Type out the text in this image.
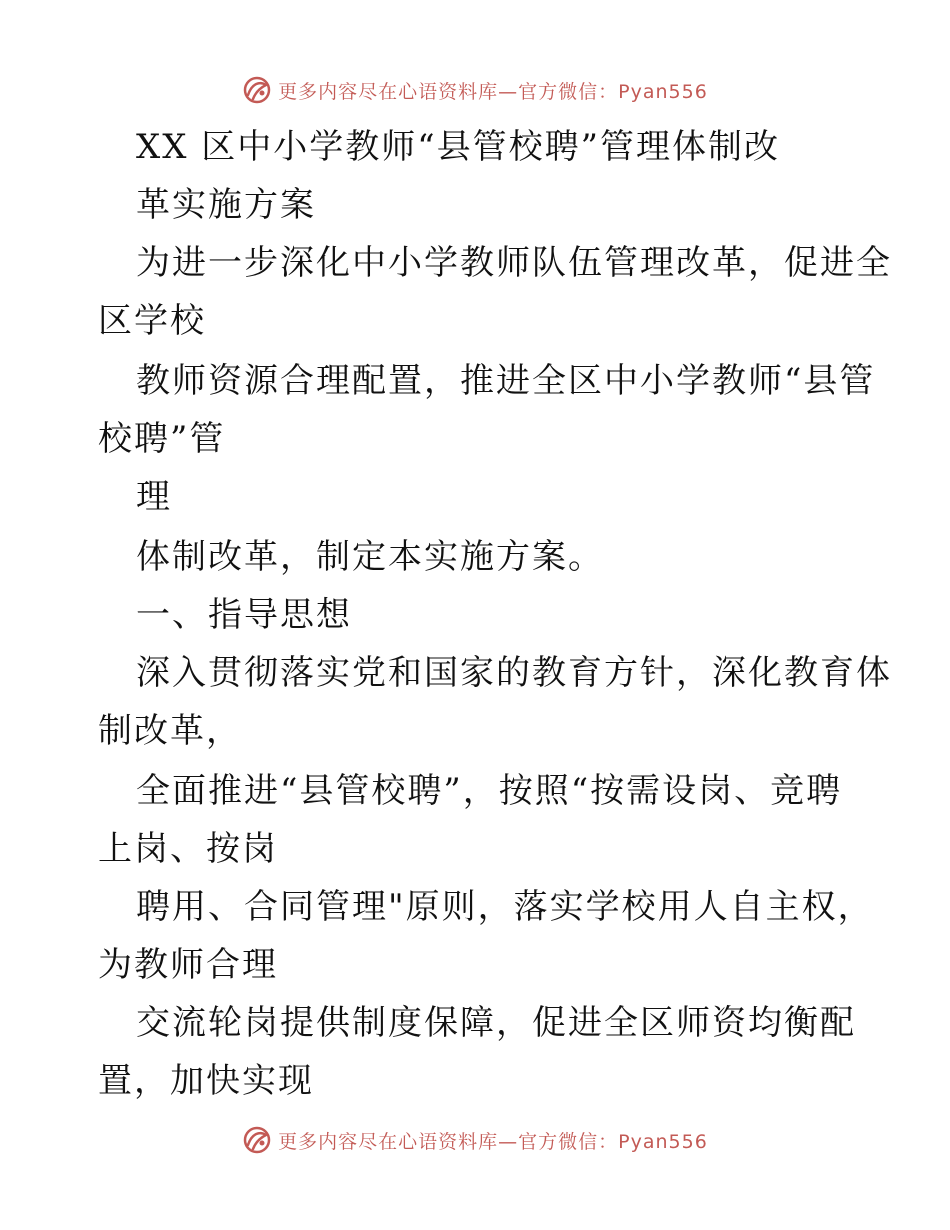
更多内容尽在心语资料库—官方微信：Pyan556
XX 区中小学教师“县管校聘”管理体制改
革实施方案
为进一步深化中小学教师队伍管理改革，促进全
区学校
教师资源合理配置，推进全区中小学教师“县管
校聘”管
理
体制改革，制定本实施方案。
一、指导思想
深入贯彻落实党和国家的教育方针，深化教育体
制改革，
全面推进“县管校聘”，按照“按需设岗、竞聘
上岗、按岗
聘用、合同管理"原则，落实学校用人自主权，
为教师合理
交流轮岗提供制度保障，促进全区师资均衡配
置，加快实现
更多内容尽在心语资料库—官方微信：Pyan556
